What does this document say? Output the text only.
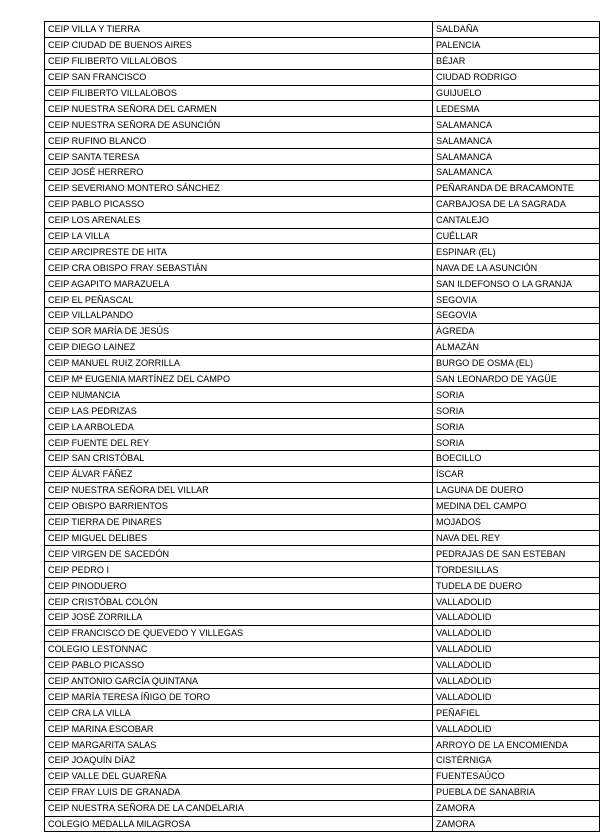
CEIP VILLA Y TIERRA	SALDAÑA
CEIP CIUDAD DE BUENOS AIRES	PALENCIA
CEIP FILIBERTO VILLALOBOS	BÉJAR
CEIP SAN FRANCISCO	CIUDAD RODRIGO
CEIP FILIBERTO VILLALOBOS	GUIJUELO
CEIP NUESTRA SEÑORA DEL CARMEN	LEDESMA
CEIP NUESTRA SEÑORA DE ASUNCIÓN	SALAMANCA
CEIP RUFINO BLANCO	SALAMANCA
CEIP SANTA TERESA	SALAMANCA
CEIP JOSÉ HERRERO	SALAMANCA
CEIP SEVERIANO MONTERO SÁNCHEZ	PEÑARANDA DE BRACAMONTE
CEIP PABLO PICASSO	CARBAJOSA DE LA SAGRADA
CEIP LOS ARENALES	CANTALEJO
CEIP LA VILLA	CUÉLLAR
CEIP ARCIPRESTE DE HITA	ESPINAR (EL)
CEIP CRA OBISPO FRAY SEBASTIÁN	NAVA DE LA ASUNCIÓN
CEIP AGAPITO MARAZUELA	SAN ILDEFONSO O LA GRANJA
CEIP EL PEÑASCAL	SEGOVIA
CEIP VILLALPANDO	SEGOVIA
CEIP SOR MARÍA DE JESÚS	ÁGREDA
CEIP DIEGO LAINEZ	ALMAZÁN
CEIP MANUEL RUIZ ZORRILLA	BURGO DE OSMA (EL)
CEIP Mª EUGENIA MARTÍNEZ DEL CAMPO	SAN LEONARDO DE YAGÜE
CEIP NUMANCIA	SORIA
CEIP LAS PEDRIZAS	SORIA
CEIP LA ARBOLEDA	SORIA
CEIP FUENTE DEL REY	SORIA
CEIP SAN CRISTÓBAL	BOECILLO
CEIP ÁLVAR FÁÑEZ	ÍSCAR
CEIP NUESTRA SEÑORA DEL VILLAR	LAGUNA DE DUERO
CEIP OBISPO BARRIENTOS	MEDINA DEL CAMPO
CEIP TIERRA DE PINARES	MOJADOS
CEIP MIGUEL DELIBES	NAVA DEL REY
CEIP VIRGEN DE SACEDÓN	PEDRAJAS DE SAN ESTEBAN
CEIP PEDRO I	TORDESILLAS
CEIP PINODUERO	TUDELA DE DUERO
CEIP CRISTÓBAL COLÓN	VALLADOLID
CEIP JOSÉ ZORRILLA	VALLADOLID
CEIP FRANCISCO DE QUEVEDO Y VILLEGAS	VALLADOLID
COLEGIO LESTONNAC	VALLADOLID
CEIP PABLO PICASSO	VALLADOLID
CEIP ANTONIO GARCÍA QUINTANA	VALLADOLID
CEIP MARÍA TERESA ÍÑIGO DE TORO	VALLADOLID
CEIP CRA LA VILLA	PEÑAFIEL
CEIP MARINA ESCOBAR	VALLADOLID
CEIP MARGARITA SALAS	ARROYO DE LA ENCOMIENDA
CEIP JOAQUÍN DÍAZ	CISTÉRNIGA
CEIP VALLE DEL GUAREÑA	FUENTESAÚCO
CEIP FRAY LUIS DE GRANADA	PUEBLA DE SANABRIA
CEIP NUESTRA SEÑORA DE LA CANDELARIA	ZAMORA
COLEGIO MEDALLA MILAGROSA	ZAMORA
